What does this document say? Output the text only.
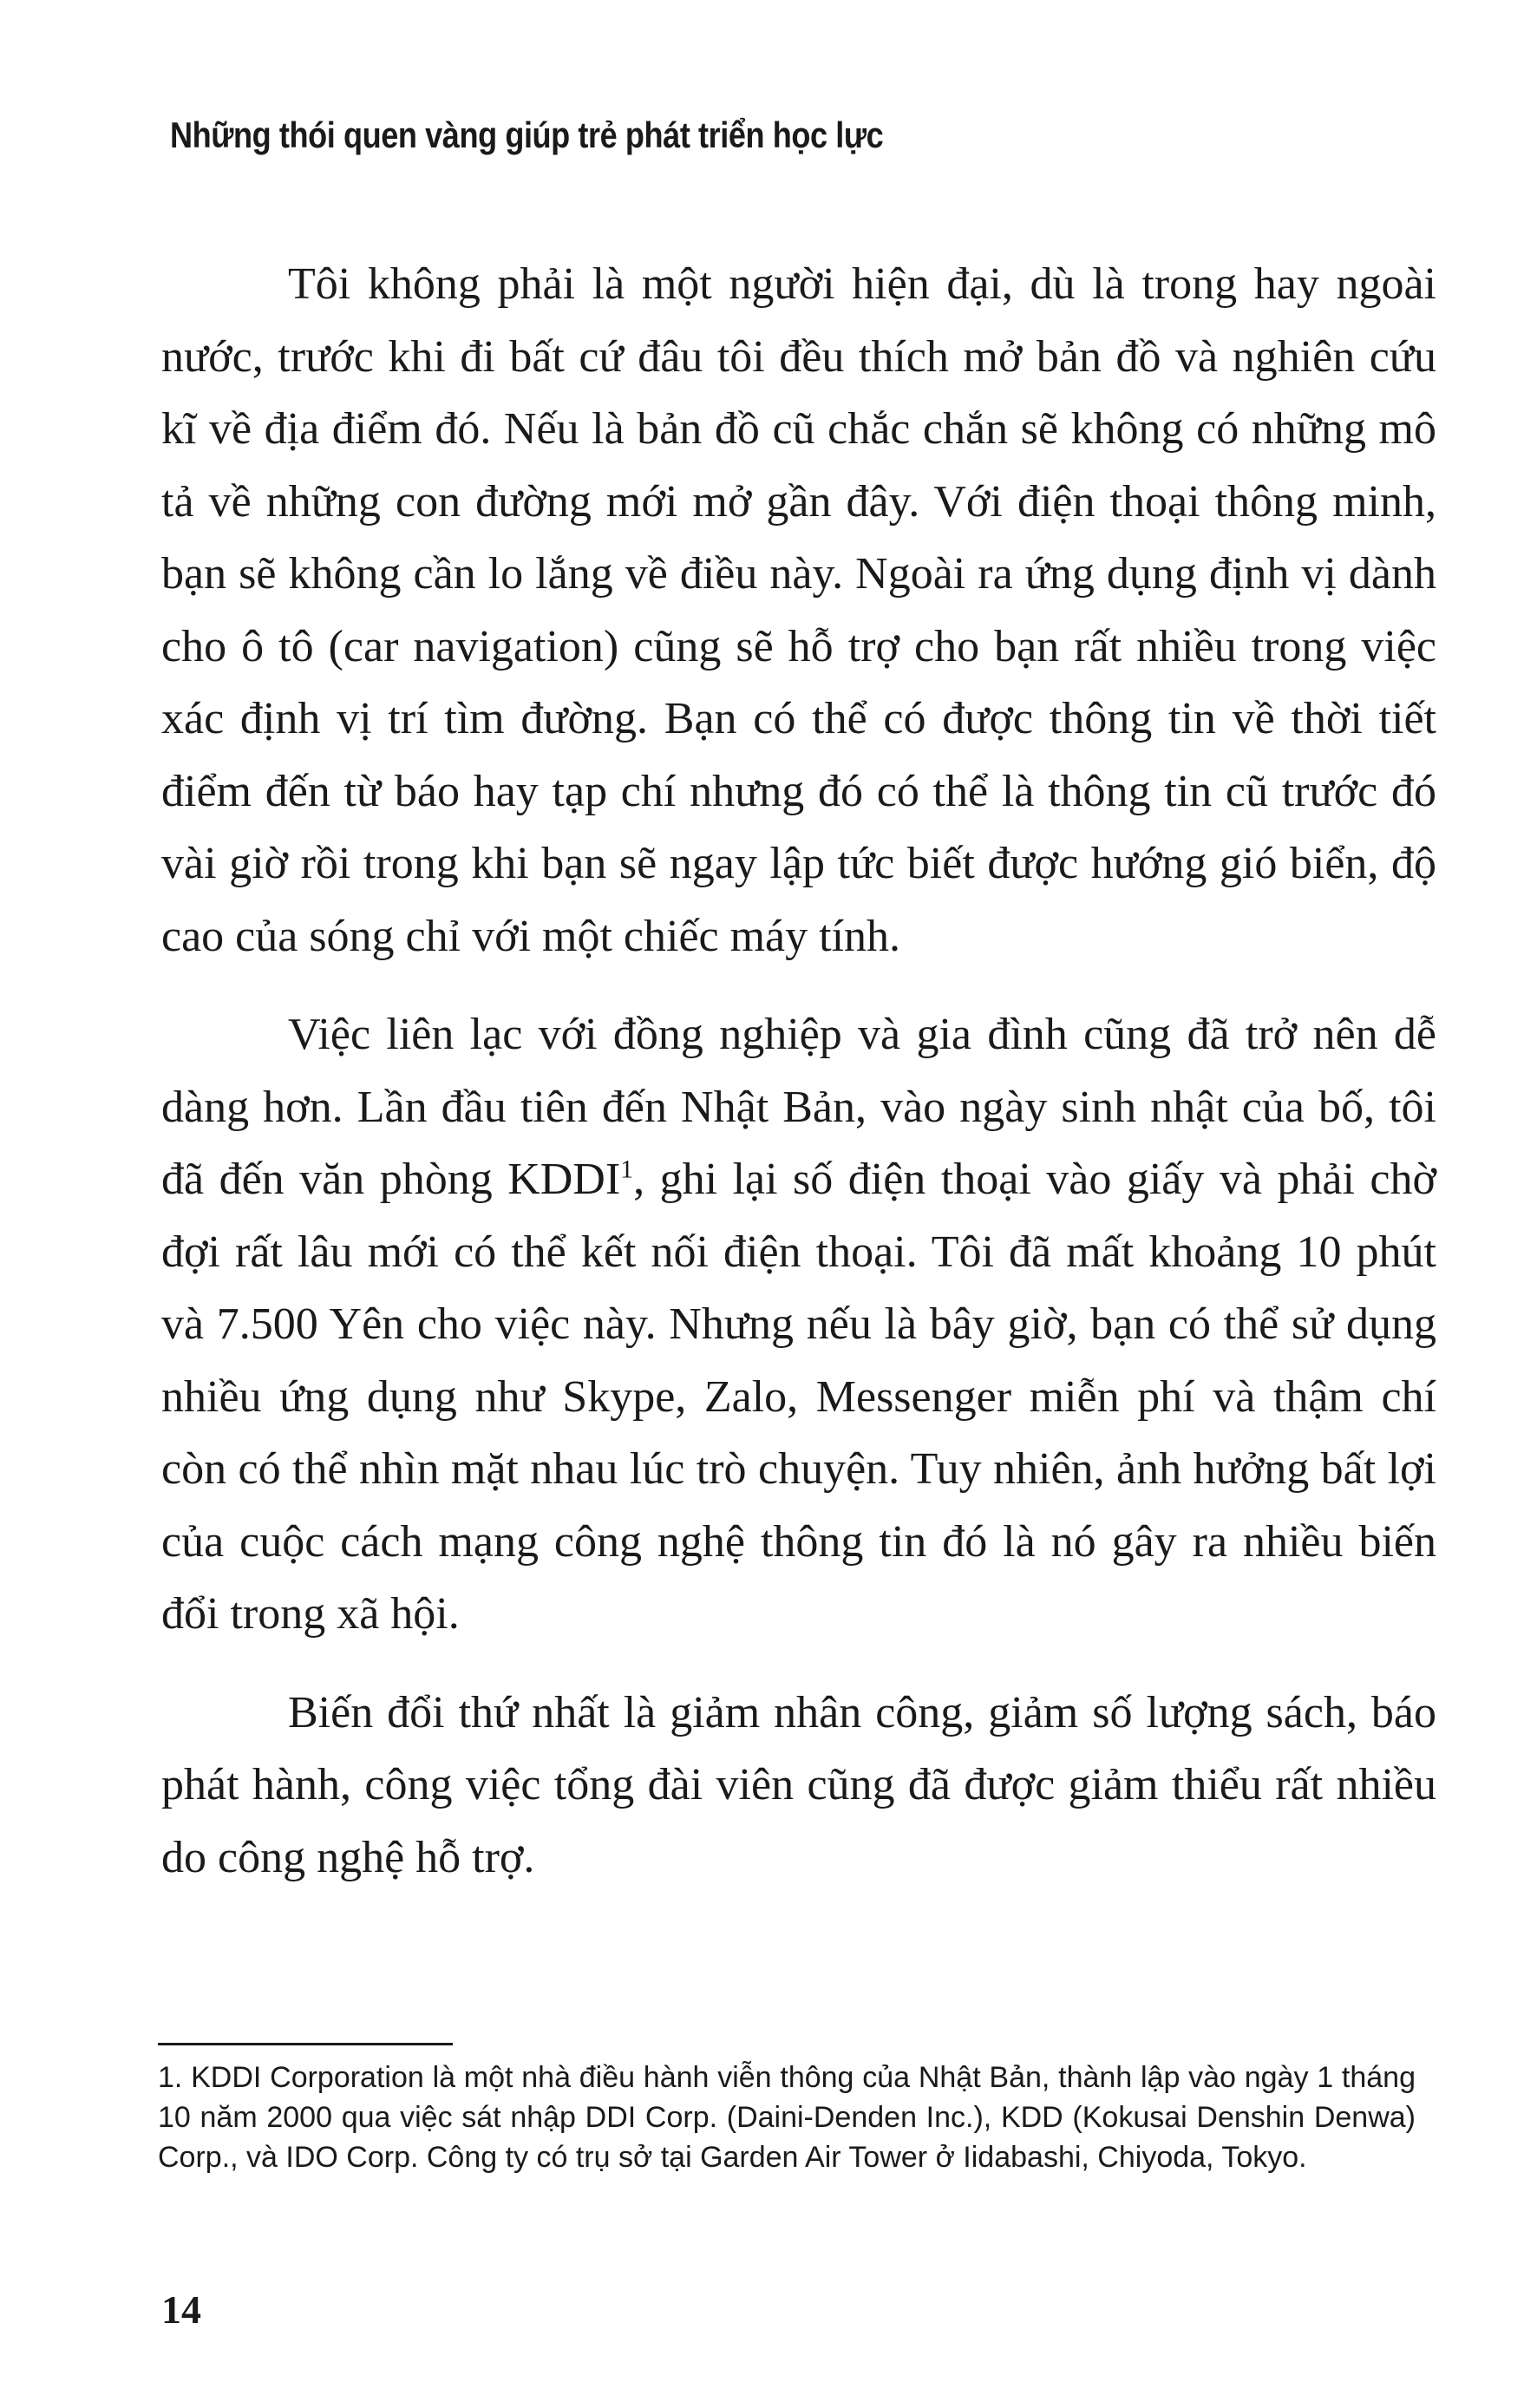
Những thói quen vàng giúp trẻ phát triển học lực

Tôi không phải là một người hiện đại, dù là trong hay ngoài nước, trước khi đi bất cứ đâu tôi đều thích mở bản đồ và nghiên cứu kĩ về địa điểm đó. Nếu là bản đồ cũ chắc chắn sẽ không có những mô tả về những con đường mới mở gần đây. Với điện thoại thông minh, bạn sẽ không cần lo lắng về điều này. Ngoài ra ứng dụng định vị dành cho ô tô (car navigation) cũng sẽ hỗ trợ cho bạn rất nhiều trong việc xác định vị trí tìm đường. Bạn có thể có được thông tin về thời tiết điểm đến từ báo hay tạp chí nhưng đó có thể là thông tin cũ trước đó vài giờ rồi trong khi bạn sẽ ngay lập tức biết được hướng gió biển, độ cao của sóng chỉ với một chiếc máy tính.

Việc liên lạc với đồng nghiệp và gia đình cũng đã trở nên dễ dàng hơn. Lần đầu tiên đến Nhật Bản, vào ngày sinh nhật của bố, tôi đã đến văn phòng KDDI$^1$, ghi lại số điện thoại vào giấy và phải chờ đợi rất lâu mới có thể kết nối điện thoại. Tôi đã mất khoảng 10 phút và 7.500 Yên cho việc này. Nhưng nếu là bây giờ, bạn có thể sử dụng nhiều ứng dụng như Skype, Zalo, Messenger miễn phí và thậm chí còn có thể nhìn mặt nhau lúc trò chuyện. Tuy nhiên, ảnh hưởng bất lợi của cuộc cách mạng công nghệ thông tin đó là nó gây ra nhiều biến đổi trong xã hội.

Biến đổi thứ nhất là giảm nhân công, giảm số lượng sách, báo phát hành, công việc tổng đài viên cũng đã được giảm thiểu rất nhiều do công nghệ hỗ trợ.

1. KDDI Corporation là một nhà điều hành viễn thông của Nhật Bản, thành lập vào ngày 1 tháng 10 năm 2000 qua việc sát nhập DDI Corp. (Daini-Denden Inc.), KDD (Kokusai Denshin Denwa) Corp., và IDO Corp. Công ty có trụ sở tại Garden Air Tower ở Iidabashi, Chiyoda, Tokyo.
14
